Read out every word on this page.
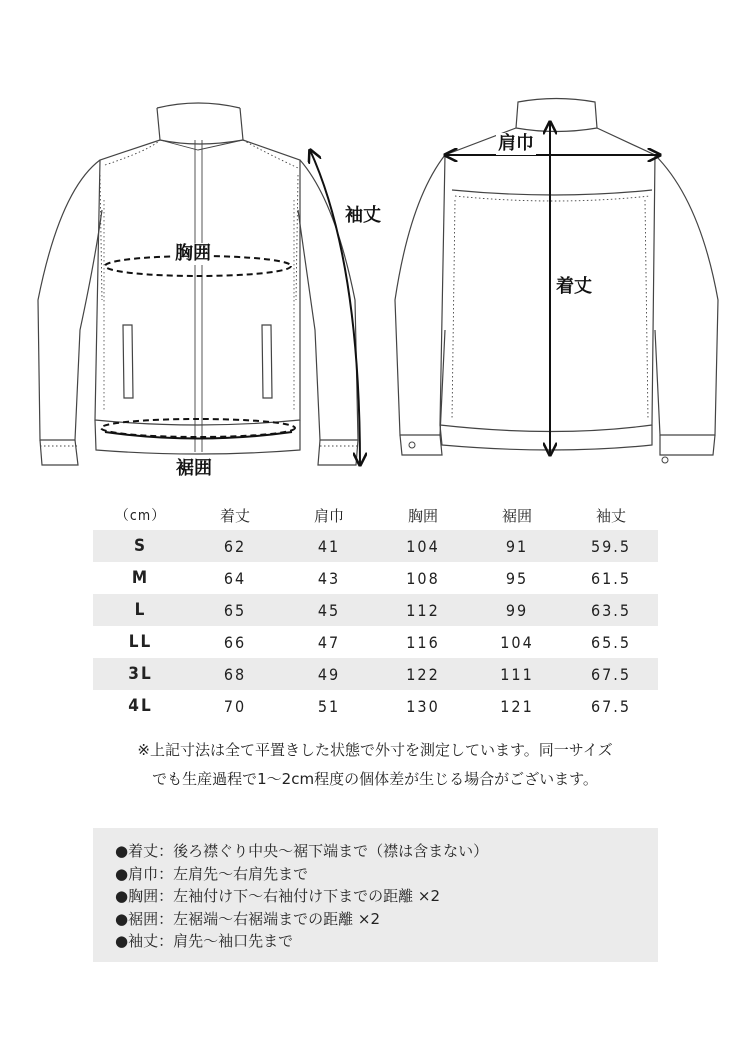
胸囲
袖丈
裾囲
肩巾
着丈
（cm）	着丈	肩巾	胸囲	裾囲	袖丈
S	62	41	104	91	59.5
M	64	43	108	95	61.5
L	65	45	112	99	63.5
LL	66	47	116	104	65.5
3L	68	49	122	111	67.5
4L	70	51	130	121	67.5
※上記寸法は全て平置きした状態で外寸を測定しています。同一サイズ
でも生産過程で1〜2cm程度の個体差が生じる場合がございます。
●着丈：後ろ襟ぐり中央〜裾下端まで（襟は含まない）
●肩巾：左肩先〜右肩先まで
●胸囲：左袖付け下〜右袖付け下までの距離 ×2
●裾囲：左裾端〜右裾端までの距離 ×2
●袖丈：肩先〜袖口先まで
